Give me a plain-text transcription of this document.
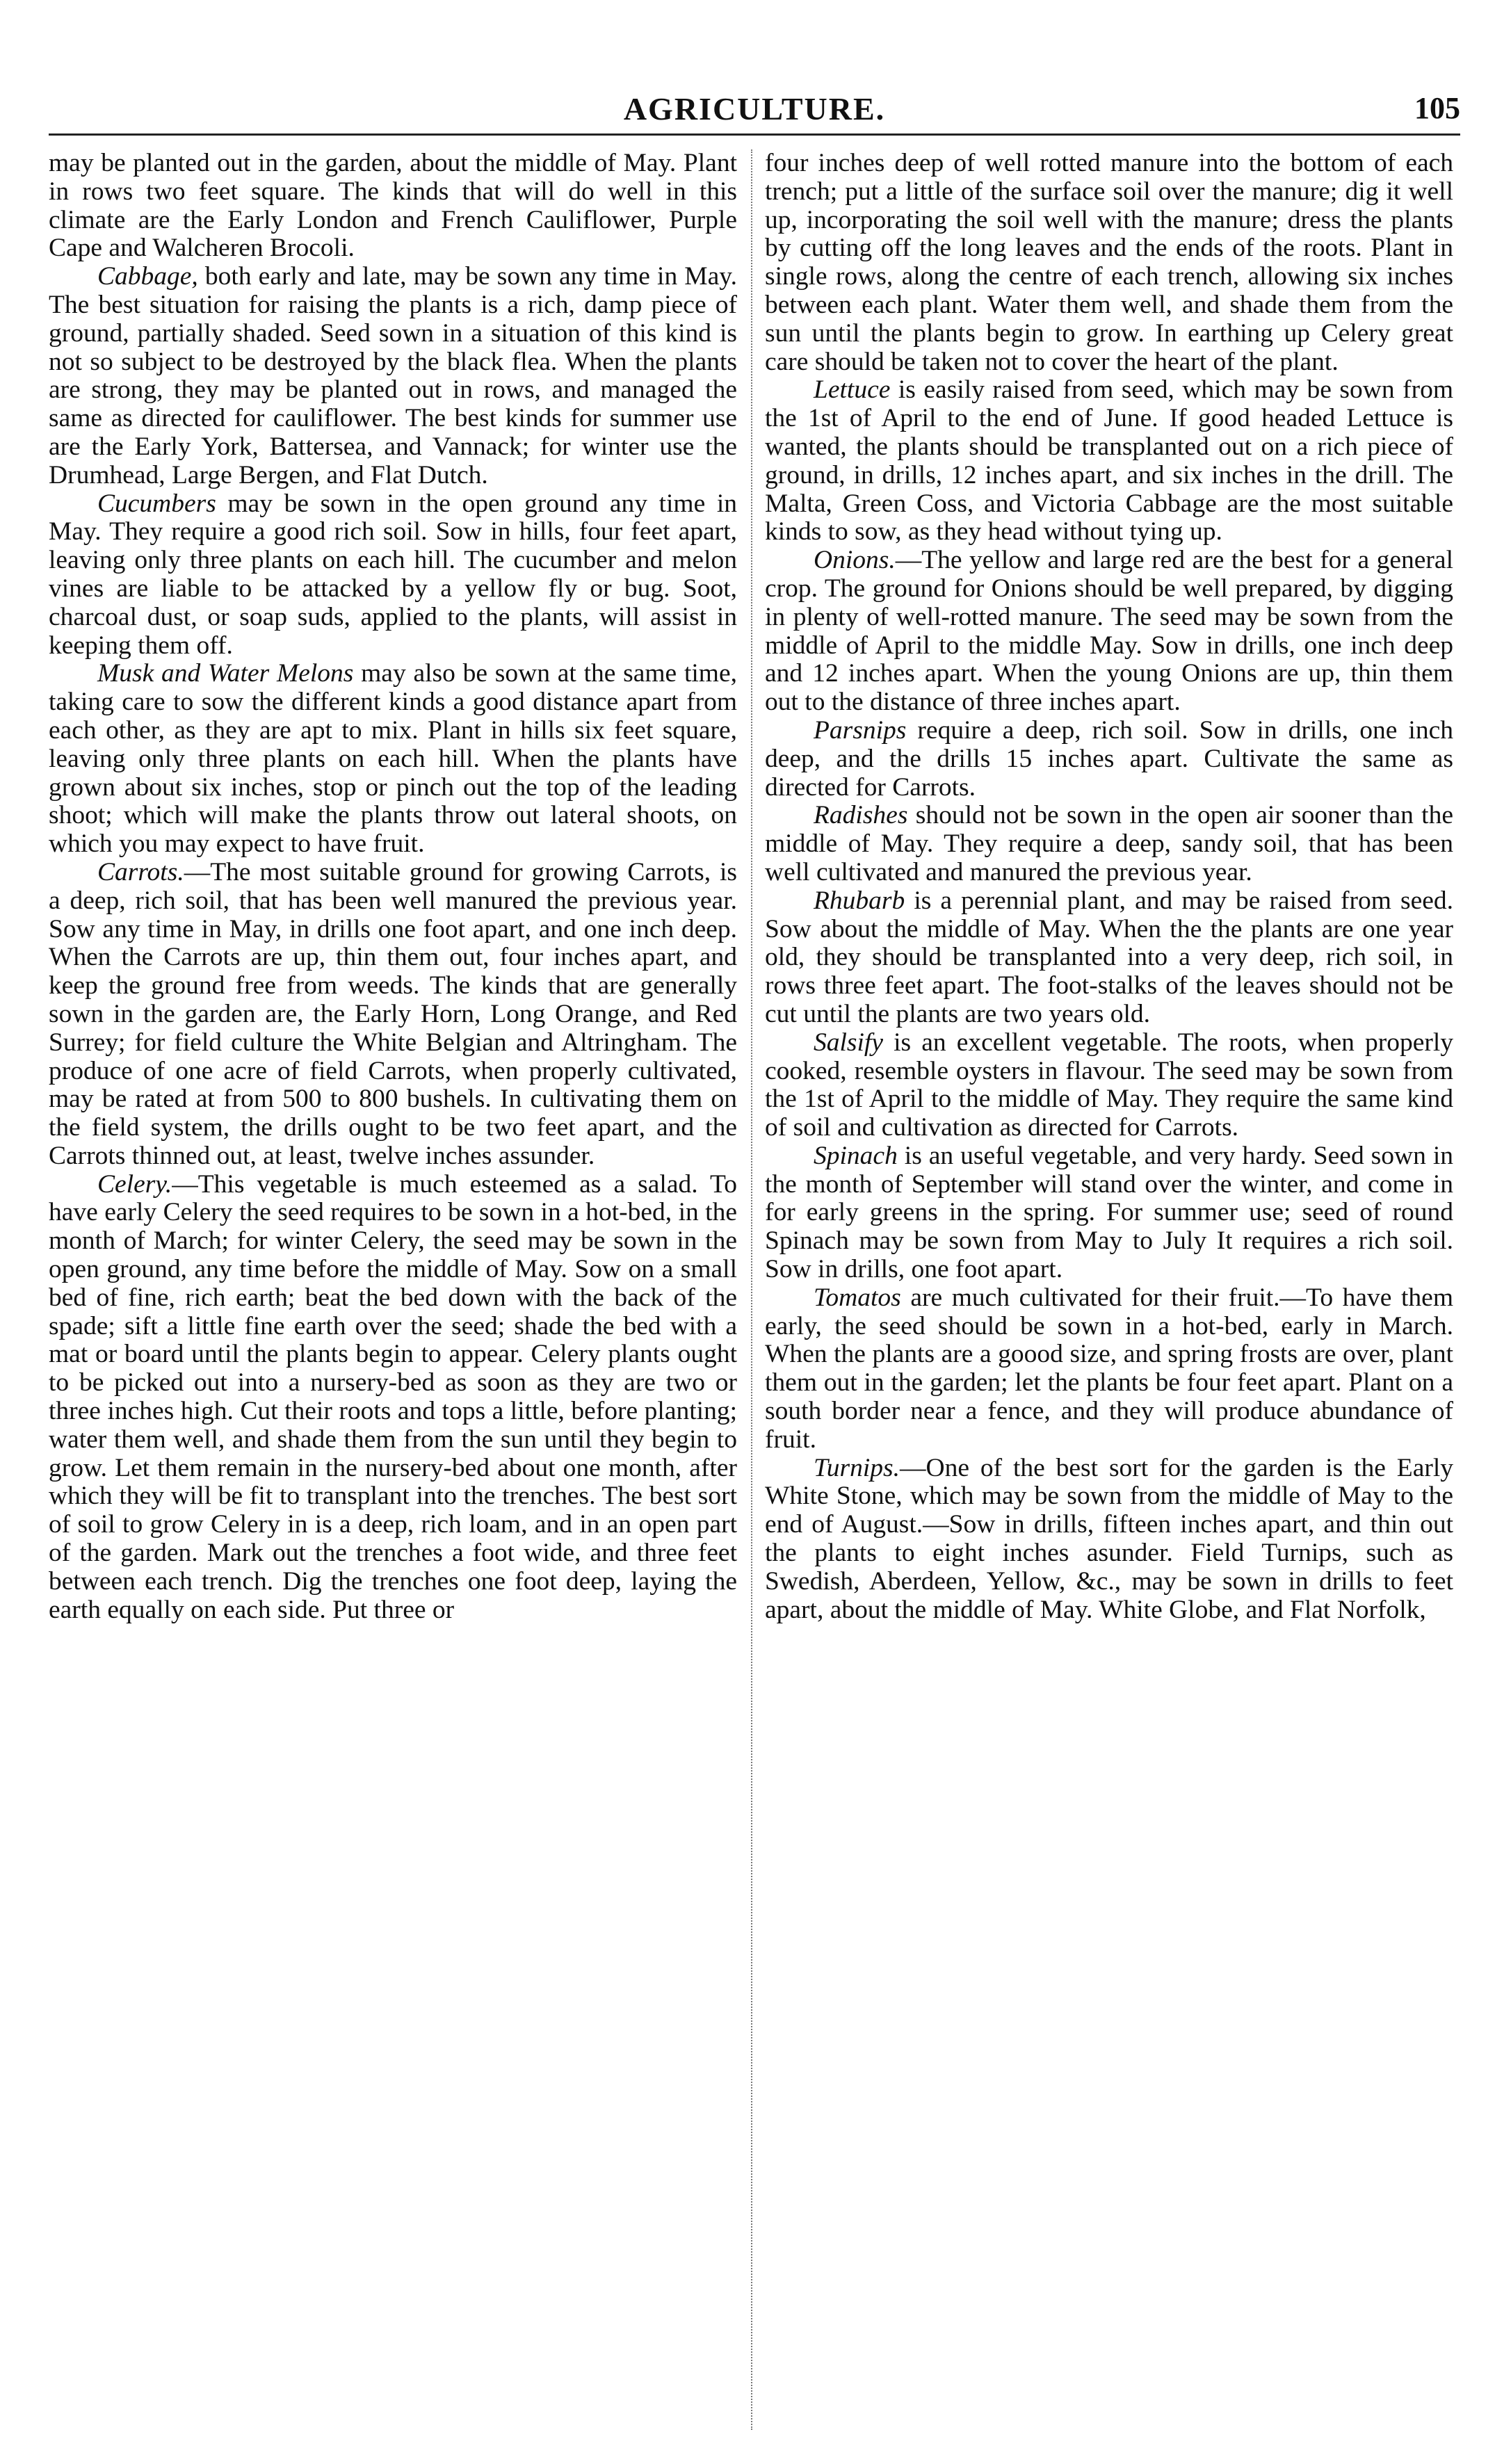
AGRICULTURE.	105

may be planted out in the garden, about the middle of May. Plant in rows two feet square. The kinds that will do well in this climate are the Early London and French Cauliflower, Purple Cape and Walcheren Brocoli.

Cabbage, both early and late, may be sown any time in May. The best situation for raising the plants is a rich, damp piece of ground, partially shaded. Seed sown in a situation of this kind is not so subject to be destroyed by the black flea. When the plants are strong, they may be planted out in rows, and managed the same as directed for cauliflower. The best kinds for summer use are the Early York, Battersea, and Vannack; for winter use the Drumhead, Large Bergen, and Flat Dutch.

Cucumbers may be sown in the open ground any time in May. They require a good rich soil. Sow in hills, four feet apart, leaving only three plants on each hill. The cucumber and melon vines are liable to be attacked by a yellow fly or bug. Soot, charcoal dust, or soap suds, applied to the plants, will assist in keeping them off.

Musk and Water Melons may also be sown at the same time, taking care to sow the different kinds a good distance apart from each other, as they are apt to mix. Plant in hills six feet square, leaving only three plants on each hill. When the plants have grown about six inches, stop or pinch out the top of the leading shoot; which will make the plants throw out lateral shoots, on which you may expect to have fruit.

Carrots.—The most suitable ground for growing Carrots, is a deep, rich soil, that has been well manured the previous year. Sow any time in May, in drills one foot apart, and one inch deep. When the Carrots are up, thin them out, four inches apart, and keep the ground free from weeds. The kinds that are generally sown in the garden are, the Early Horn, Long Orange, and Red Surrey; for field culture the White Belgian and Altringham. The produce of one acre of field Carrots, when properly cultivated, may be rated at from 500 to 800 bushels. In cultivating them on the field system, the drills ought to be two feet apart, and the Carrots thinned out, at least, twelve inches assunder.

Celery.—This vegetable is much esteemed as a salad. To have early Celery the seed requires to be sown in a hot-bed, in the month of March; for winter Celery, the seed may be sown in the open ground, any time before the middle of May. Sow on a small bed of fine, rich earth; beat the bed down with the back of the spade; sift a little fine earth over the seed; shade the bed with a mat or board until the plants begin to appear. Celery plants ought to be picked out into a nursery-bed as soon as they are two or three inches high. Cut their roots and tops a little, before planting; water them well, and shade them from the sun until they begin to grow. Let them remain in the nursery-bed about one month, after which they will be fit to transplant into the trenches. The best sort of soil to grow Celery in is a deep, rich loam, and in an open part of the garden. Mark out the trenches a foot wide, and three feet between each trench. Dig the trenches one foot deep, laying the earth equally on each side. Put three or

four inches deep of well rotted manure into the bottom of each trench; put a little of the surface soil over the manure; dig it well up, incorporating the soil well with the manure; dress the plants by cutting off the long leaves and the ends of the roots. Plant in single rows, along the centre of each trench, allowing six inches between each plant. Water them well, and shade them from the sun until the plants begin to grow. In earthing up Celery great care should be taken not to cover the heart of the plant.

Lettuce is easily raised from seed, which may be sown from the 1st of April to the end of June. If good headed Lettuce is wanted, the plants should be transplanted out on a rich piece of ground, in drills, 12 inches apart, and six inches in the drill. The Malta, Green Coss, and Victoria Cabbage are the most suitable kinds to sow, as they head without tying up.

Onions.—The yellow and large red are the best for a general crop. The ground for Onions should be well prepared, by digging in plenty of well-rotted manure. The seed may be sown from the middle of April to the middle May. Sow in drills, one inch deep and 12 inches apart. When the young Onions are up, thin them out to the distance of three inches apart.

Parsnips require a deep, rich soil. Sow in drills, one inch deep, and the drills 15 inches apart. Cultivate the same as directed for Carrots.

Radishes should not be sown in the open air sooner than the middle of May. They require a deep, sandy soil, that has been well cultivated and manured the previous year.

Rhubarb is a perennial plant, and may be raised from seed. Sow about the middle of May. When the the plants are one year old, they should be transplanted into a very deep, rich soil, in rows three feet apart. The foot-stalks of the leaves should not be cut until the plants are two years old.

Salsify is an excellent vegetable. The roots, when properly cooked, resemble oysters in flavour. The seed may be sown from the 1st of April to the middle of May. They require the same kind of soil and cultivation as directed for Carrots.

Spinach is an useful vegetable, and very hardy. Seed sown in the month of September will stand over the winter, and come in for early greens in the spring. For summer use; seed of round Spinach may be sown from May to July It requires a rich soil. Sow in drills, one foot apart.

Tomatos are much cultivated for their fruit.—To have them early, the seed should be sown in a hot-bed, early in March. When the plants are a goood size, and spring frosts are over, plant them out in the garden; let the plants be four feet apart. Plant on a south border near a fence, and they will produce abundance of fruit.

Turnips.—One of the best sort for the garden is the Early White Stone, which may be sown from the middle of May to the end of August.—Sow in drills, fifteen inches apart, and thin out the plants to eight inches asunder. Field Turnips, such as Swedish, Aberdeen, Yellow, &c., may be sown in drills to feet apart, about the middle of May. White Globe, and Flat Norfolk,
